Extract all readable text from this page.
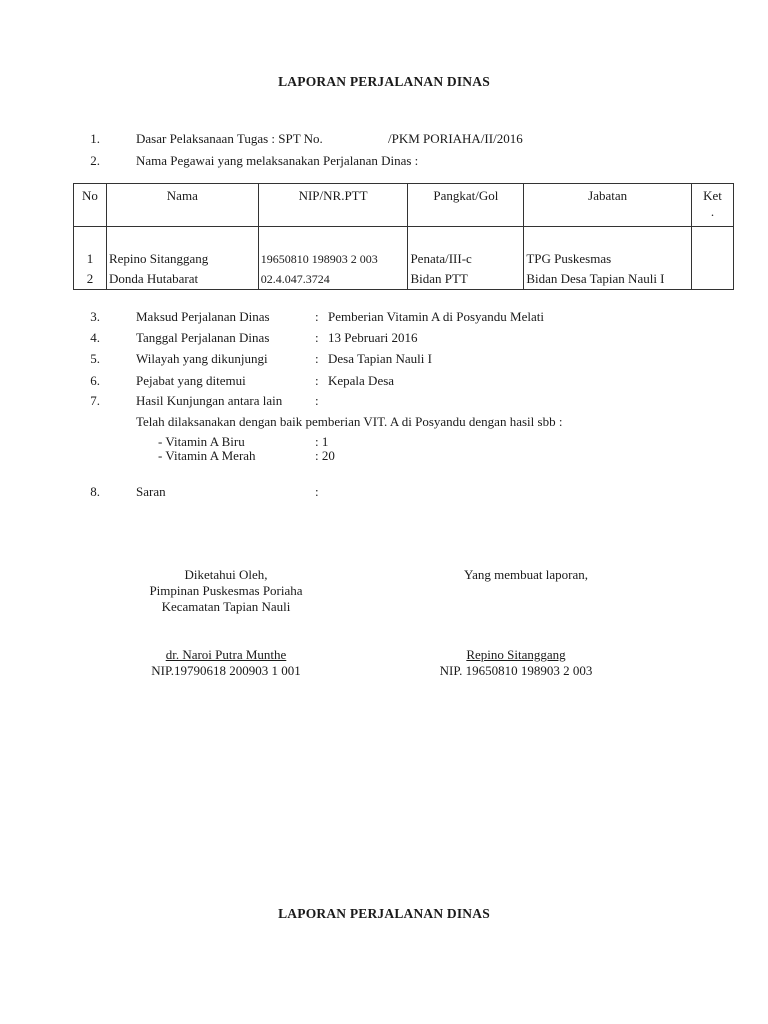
LAPORAN PERJALANAN DINAS
1.	Dasar Pelaksanaan Tugas : SPT No.	/PKM PORIAHA/II/2016
2.	Nama Pegawai yang melaksanakan Perjalanan Dinas :
No	Nama	NIP/NR.PTT	Pangkat/Gol	Jabatan	Ket
.
1	Repino Sitanggang	19650810 198903 2 003	Penata/III-c	TPG Puskesmas	
2	Donda Hutabarat	02.4.047.3724	Bidan PTT	Bidan Desa Tapian Nauli I	
3.	Maksud Perjalanan Dinas	: Pemberian Vitamin A di Posyandu Melati
4.	Tanggal Perjalanan Dinas	: 13 Pebruari 2016
5.	Wilayah yang dikunjungi	: Desa Tapian Nauli I
6.	Pejabat yang ditemui	: Kepala Desa
7.	Hasil Kunjungan antara lain	:
Telah dilaksanakan dengan baik pemberian VIT. A di Posyandu dengan hasil sbb :
- Vitamin A Biru	: 1
- Vitamin A Merah	: 20
8.	Saran	:
Diketahui Oleh,
Pimpinan Puskesmas Poriaha
Kecamatan Tapian Nauli
dr. Naroi Putra Munthe
NIP.19790618 200903 1 001
Yang membuat laporan,
Repino Sitanggang
NIP. 19650810 198903 2 003
LAPORAN PERJALANAN DINAS
